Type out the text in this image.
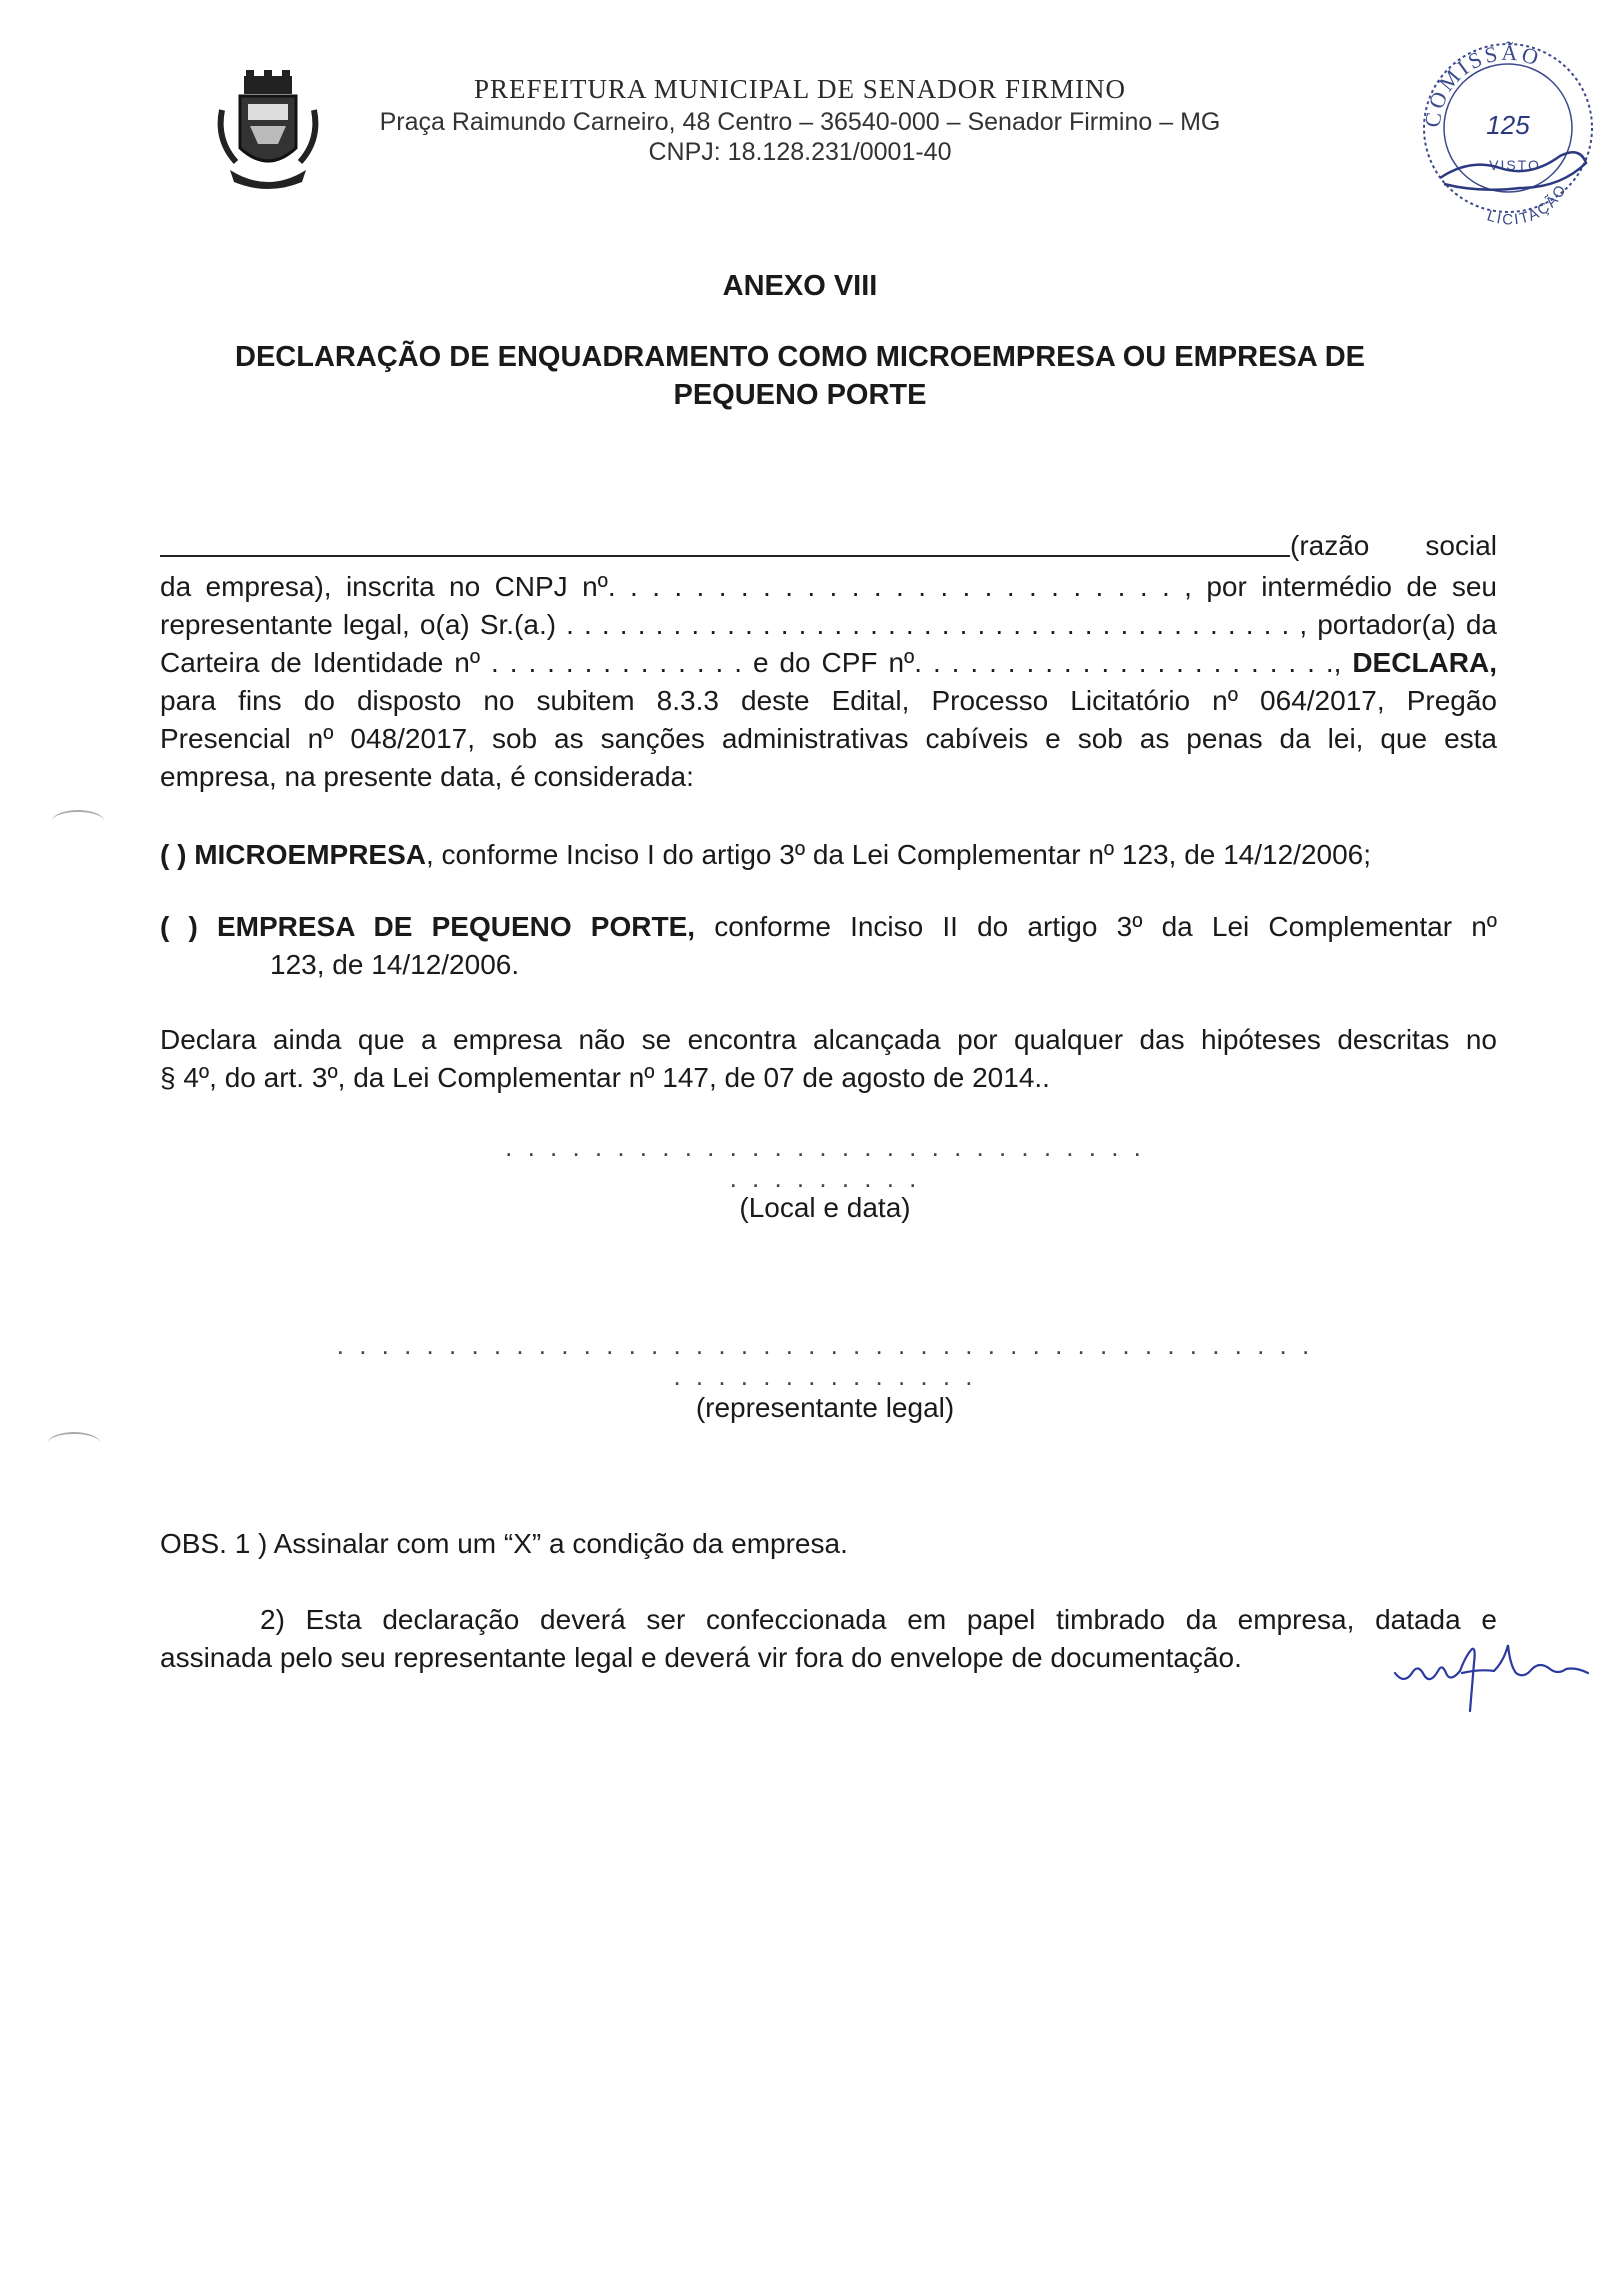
PREFEITURA MUNICIPAL DE SENADOR FIRMINO

Praça Raimundo Carneiro, 48 Centro – 36540-000 – Senador Firmino – MG

CNPJ: 18.128.231/0001-40

COMISSÃO
125
VISTO
LICITAÇÃO

ANEXO VIII

DECLARAÇÃO DE ENQUADRAMENTO COMO MICROEMPRESA OU EMPRESA DE PEQUENO PORTE

(razão social

da empresa), inscrita no CNPJ nº. . . . . . . . . . . . . . . . . . . . . . . . . . , por intermédio de seu

representante legal, o(a) Sr.(a.) . . . . . . . . . . . . . . . . . . . . . . . . . . . . . . . . . . . . . . . . . , portador(a) da

Carteira de Identidade nº . . . . . . . . . . . . . . e do CPF nº. . . . . . . . . . . . . . . . . . . . . . ., DECLARA,

para fins do disposto no subitem 8.3.3 deste Edital, Processo Licitatório nº 064/2017, Pregão

Presencial nº 048/2017, sob as sanções administrativas cabíveis e sob as penas da lei, que esta

empresa, na presente data, é considerada:

( ) MICROEMPRESA, conforme Inciso I do artigo 3º da Lei Complementar nº 123, de 14/12/2006;
( ) EMPRESA DE PEQUENO PORTE, conforme Inciso II do artigo 3º da Lei Complementar nº
123, de 14/12/2006.

Declara ainda que a empresa não se encontra alcançada por qualquer das hipóteses descritas no

§ 4º, do art. 3º, da Lei Complementar nº 147, de 07 de agosto de 2014..

. . . . . . . . . . . . . . . . . . . . . . . . . . . . . . . . . . . . . .
(Local e data)
. . . . . . . . . . . . . . . . . . . . . . . . . . . . . . . . . . . . . . . . . . . . . . . . . . . . . . . . . .
(representante legal)

OBS. 1 ) Assinalar com um “X” a condição da empresa.

2) Esta declaração deverá ser confeccionada em papel timbrado da empresa, datada e

assinada pelo seu representante legal e deverá vir fora do envelope de documentação.
